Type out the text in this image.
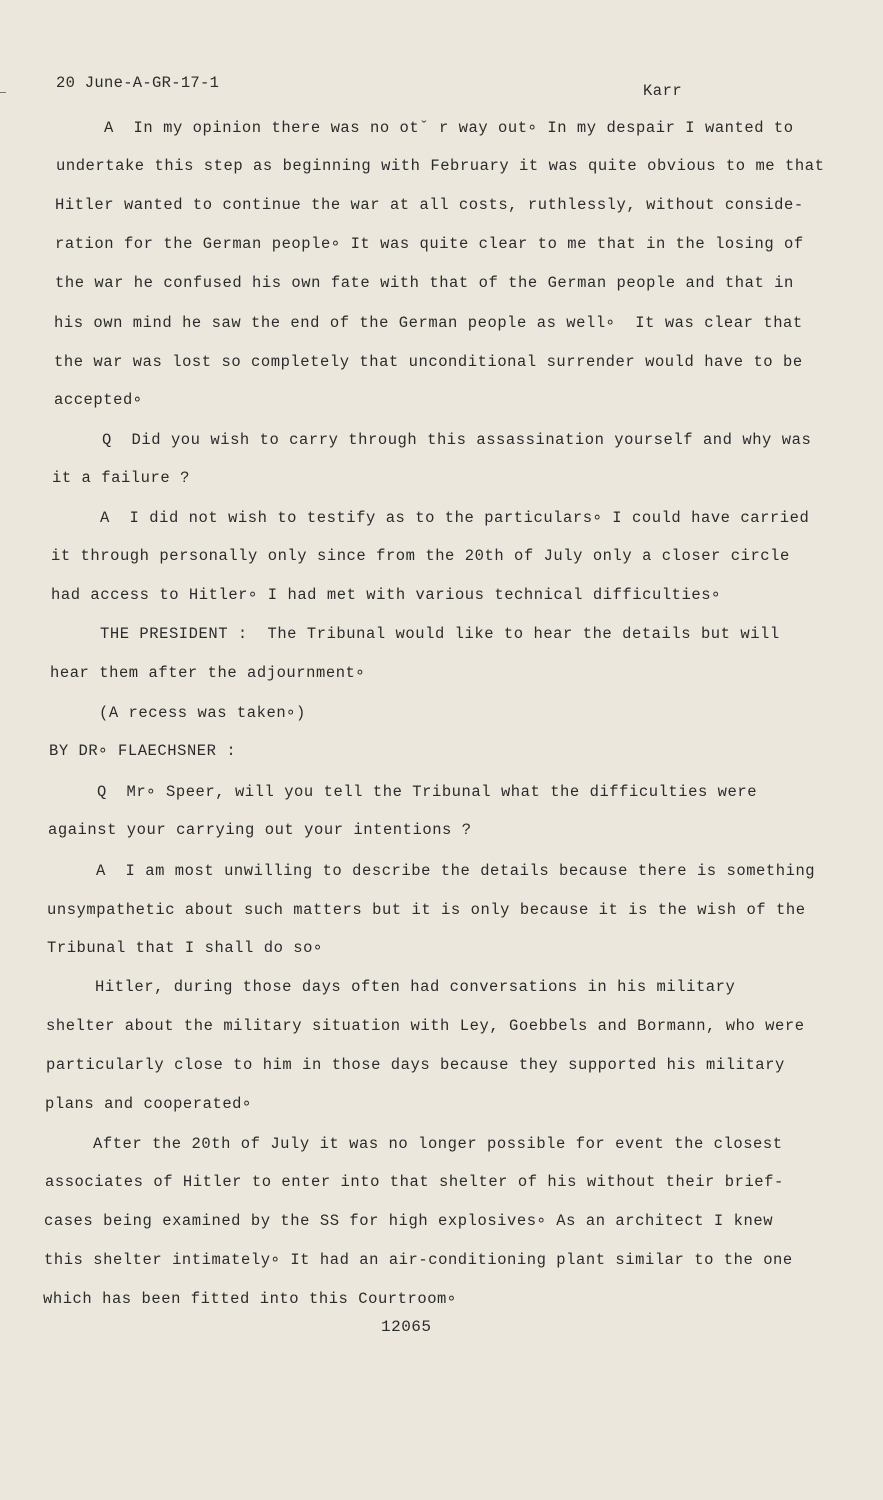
20 June-A-GR-17-1	Karr
A  In my opinion there was no otˇ r way out∘ In my despair I wanted to
undertake this step as beginning with February it was quite obvious to me that
Hitler wanted to continue the war at all costs, ruthlessly, without conside-
ration for the German people∘ It was quite clear to me that in the losing of
the war he confused his own fate with that of the German people and that in
his own mind he saw the end of the German people as well∘  It was clear that
the war was lost so completely that unconditional surrender would have to be
accepted∘
Q  Did you wish to carry through this assassination yourself and why was
it a failure ?
A  I did not wish to testify as to the particulars∘ I could have carried
it through personally only since from the 20th of July only a closer circle
had access to Hitler∘ I had met with various technical difficulties∘
THE PRESIDENT :  The Tribunal would like to hear the details but will
hear them after the adjournment∘
(A recess was taken∘)
BY DR∘ FLAECHSNER :
Q  Mr∘ Speer, will you tell the Tribunal what the difficulties were
against your carrying out your intentions ?
A  I am most unwilling to describe the details because there is something
unsympathetic about such matters but it is only because it is the wish of the
Tribunal that I shall do so∘
Hitler, during those days often had conversations in his military
shelter about the military situation with Ley, Goebbels and Bormann, who were
particularly close to him in those days because they supported his military
plans and cooperated∘
After the 20th of July it was no longer possible for event the closest
associates of Hitler to enter into that shelter of his without their brief-
cases being examined by the SS for high explosives∘ As an architect I knew
this shelter intimately∘ It had an air-conditioning plant similar to the one
which has been fitted into this Courtroom∘
12065
